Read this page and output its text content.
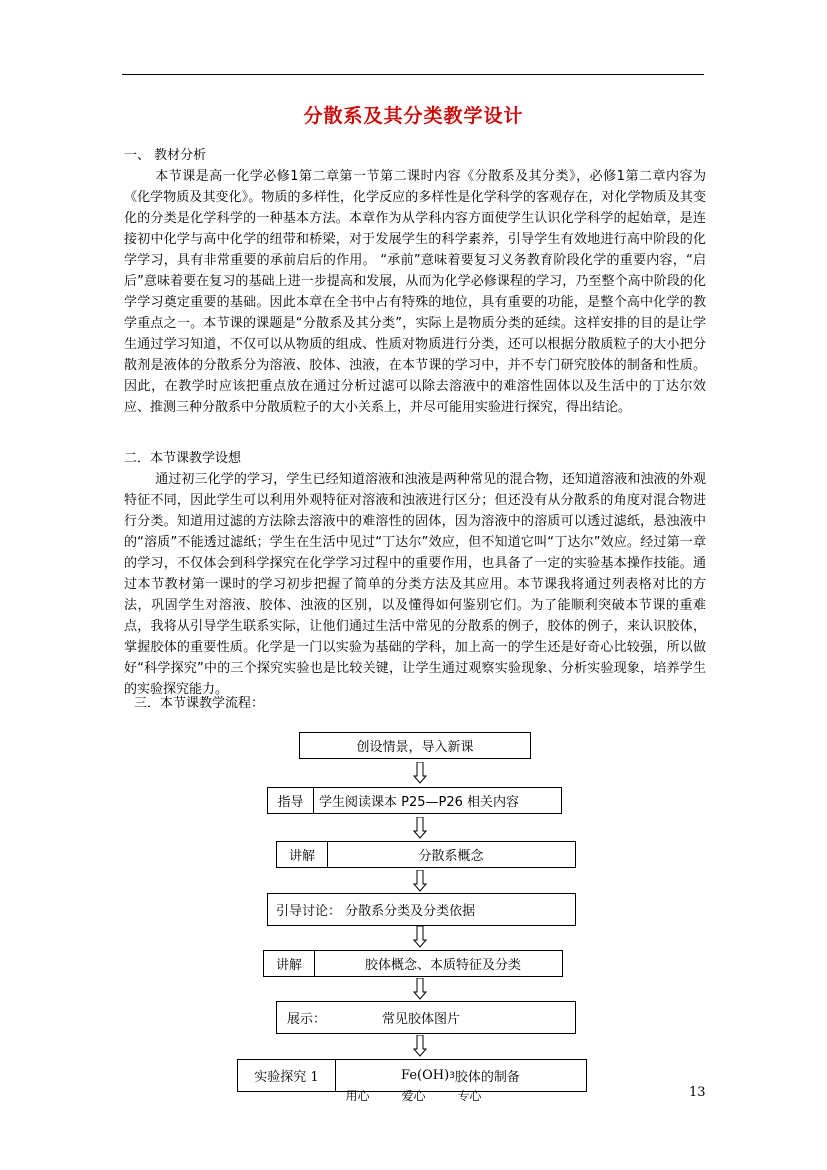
分散系及其分类教学设计
一、 教材分析

本节课是高一化学必修1第二章第一节第二课时内容《分散系及其分类》，必修1第二章内容为《化学物质及其变化》。物质的多样性，化学反应的多样性是化学科学的客观存在，对化学物质及其变化的分类是化学科学的一种基本方法。本章作为从学科内容方面使学生认识化学科学的起始章，是连接初中化学与高中化学的纽带和桥梁，对于发展学生的科学素养，引导学生有效地进行高中阶段的化学学习，具有非常重要的承前启后的作用。 “承前”意味着要复习义务教育阶段化学的重要内容，“启后”意味着要在复习的基础上进一步提高和发展，从而为化学必修课程的学习，乃至整个高中阶段的化学学习奠定重要的基础。因此本章在全书中占有特殊的地位，具有重要的功能，是整个高中化学的教学重点之一。本节课的课题是“分散系及其分类”，实际上是物质分类的延续。这样安排的目的是让学生通过学习知道，不仅可以从物质的组成、性质对物质进行分类，还可以根据分散质粒子的大小把分散剂是液体的分散系分为溶液、胶体、浊液，在本节课的学习中，并不专门研究胶体的制备和性质。因此，在教学时应该把重点放在通过分析过滤可以除去溶液中的难溶性固体以及生活中的丁达尔效应、推测三种分散系中分散质粒子的大小关系上，并尽可能用实验进行探究，得出结论。

二．本节课教学设想

通过初三化学的学习，学生已经知道溶液和浊液是两种常见的混合物，还知道溶液和浊液的外观特征不同，因此学生可以利用外观特征对溶液和浊液进行区分；但还没有从分散系的角度对混合物进行分类。知道用过滤的方法除去溶液中的难溶性的固体，因为溶液中的溶质可以透过滤纸，悬浊液中的“溶质”不能透过滤纸；学生在生活中见过“丁达尔”效应，但不知道它叫“丁达尔”效应。经过第一章的学习，不仅体会到科学探究在化学学习过程中的重要作用，也具备了一定的实验基本操作技能。通过本节教材第一课时的学习初步把握了简单的分类方法及其应用。本节课我将通过列表格对比的方法，巩固学生对溶液、胶体、浊液的区别，以及懂得如何鉴别它们。为了能顺利突破本节课的重难点，我将从引导学生联系实际，让他们通过生活中常见的分散系的例子，胶体的例子，来认识胶体，掌握胶体的重要性质。化学是一门以实验为基础的学科，加上高一的学生还是好奇心比较强，所以做好“科学探究”中的三个探究实验也是比较关键，让学生通过观察实验现象、分析实验现象，培养学生的实验探究能力。

三．本节课教学流程：
创设情景，导入新课
指导	学生阅读课本 P25—P26 相关内容
讲解	分散系概念
引导讨论： 分散系分类及分类依据
讲解	胶体概念、本质特征及分类
展示：	常见胶体图片
实验探究 1	Fe(OH) 3 胶体的制备
用心	爱心	专心	13
